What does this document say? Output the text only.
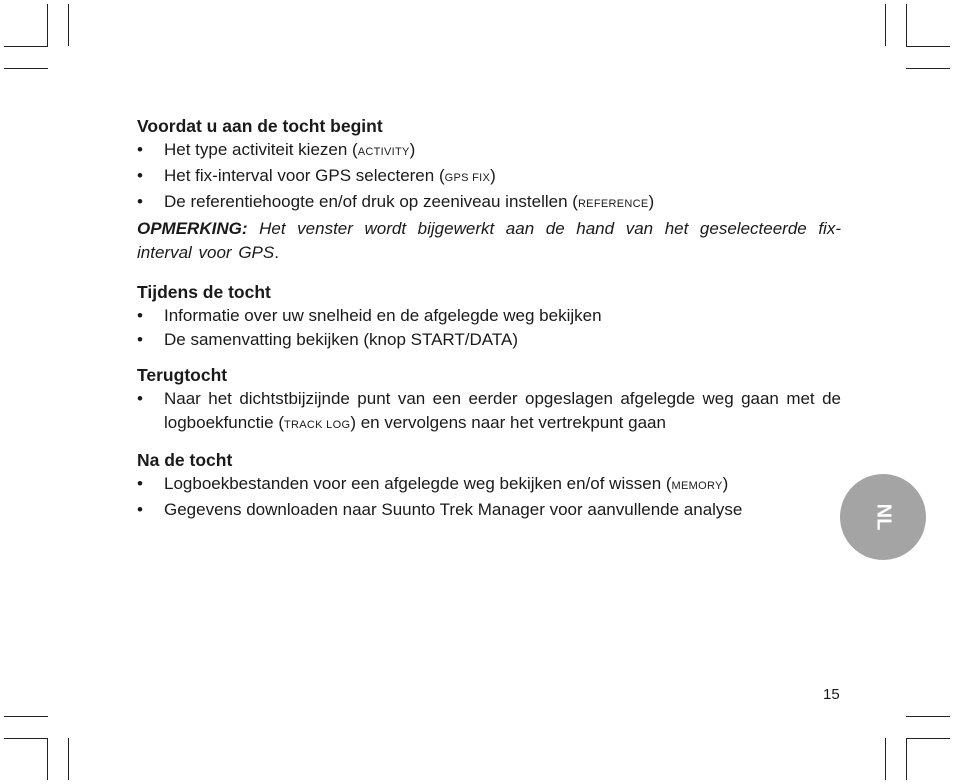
Voordat u aan de tocht begint
• Het type activiteit kiezen (ACTIVITY)
• Het fix-interval voor GPS selecteren (GPS FIX)
• De referentiehoogte en/of druk op zeeniveau instellen (REFERENCE)

OPMERKING: Het venster wordt bijgewerkt aan de hand van het geselecteerde fix-interval voor GPS.

Tijdens de tocht
• Informatie over uw snelheid en de afgelegde weg bekijken
• De samenvatting bekijken (knop START/DATA)
Terugtocht
• Naar het dichtstbijzijnde punt van een eerder opgeslagen afgelegde weg gaan met de logboekfunctie (TRACK LOG) en vervolgens naar het vertrekpunt gaan
Na de tocht
• Logboekbestanden voor een afgelegde weg bekijken en/of wissen (MEMORY)
• Gegevens downloaden naar Suunto Trek Manager voor aanvullende analyse	NL
15
